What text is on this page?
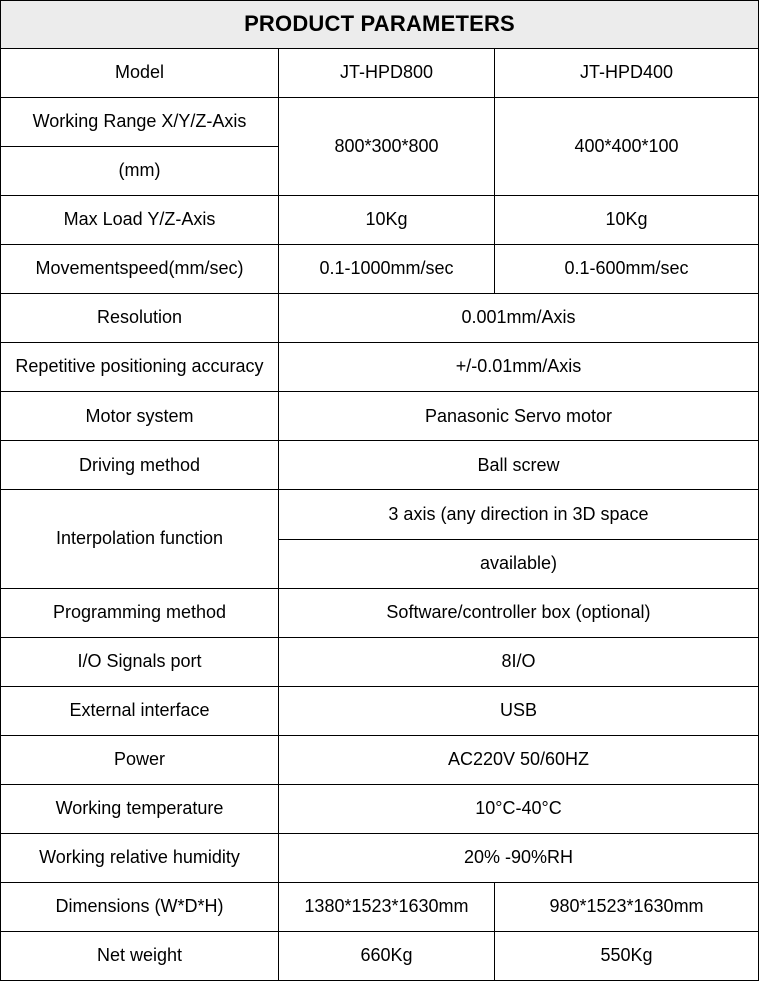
PRODUCT PARAMETERS		
Model	JT-HPD800	JT-HPD400

Working Range X/Y/Z-Axis
(mm)	800*300*800	400*400*100
Max Load Y/Z-Axis	10Kg	10Kg
Movementspeed(mm/sec)	0.1-1000mm/sec	0.1-600mm/sec
Resolution	0.001mm/Axis	
Repetitive positioning accuracy	+/-0.01mm/Axis	
Motor system	Panasonic Servo motor	
Driving method	Ball screw	
Interpolation function	3 axis (any direction in 3D space
available)	

Programming method	Software/controller box (optional)	
I/O Signals port	8I/O	
External interface	USB	
Power	AC220V 50/60HZ	
Working temperature	10°C-40°C	
Working relative humidity	20% -90%RH	
Dimensions (W*D*H)	1380*1523*1630mm	980*1523*1630mm
Net weight	660Kg	550Kg
